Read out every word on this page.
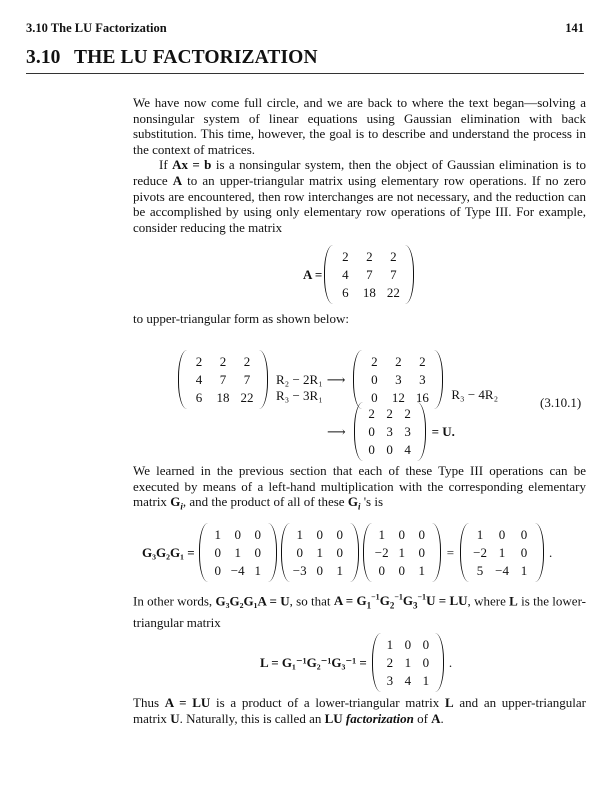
3.10 The LU Factorization	141
3.10 THE LU FACTORIZATION

We have now come full circle, and we are back to where the text began—solving a nonsingular system of linear equations using Gaussian elimination with back substitution. This time, however, the goal is to describe and understand the process in the context of matrices.

If Ax = b is a nonsingular system, then the object of Gaussian elimination is to reduce A to an upper-triangular matrix using elementary row operations. If no zero pivots are encountered, then row interchanges are not necessary, and the reduction can be accomplished by using only elementary row operations of Type III. For example, consider reducing the matrix

A =
2	2	2
4	7	7
6	18 22

to upper-triangular form as shown below:

2	2	2
4	7	7
6	18 22
R₂ − 2R₁
R₃ − 3R₁
⟶
2	2	2
0	3	3
0	12 16	R₃ − 4R₂
(3.10.1)
⟶
2 2 2
0 3 3
0 0 4
= U.

We learned in the previous section that each of these Type III operations can be executed by means of a left-hand multiplication with the corresponding elementary matrix $G_i$, and the product of all of these $G_i$ 's is

G₃G₂G₁ =
1	0	0
0	1	0
0 −4 1
1	0	0
0	1	0
−3 0	1
1	0	0
−2 1	0
0	0	1
=
1	0	0
−2 1	0
5 −4 1
.

In other words, G₃G₂G₁A = U, so that $A = G_1^{-1}G_2^{-1}G_3^{-1}U$ = LU, where L is the lower-triangular matrix

L = G₁⁻¹G₂⁻¹G₃⁻¹ =
1 0 0
2 1 0
3 4 1
.

Thus A = LU is a product of a lower-triangular matrix L and an upper-triangular matrix U. Naturally, this is called an LU factorization of A.
